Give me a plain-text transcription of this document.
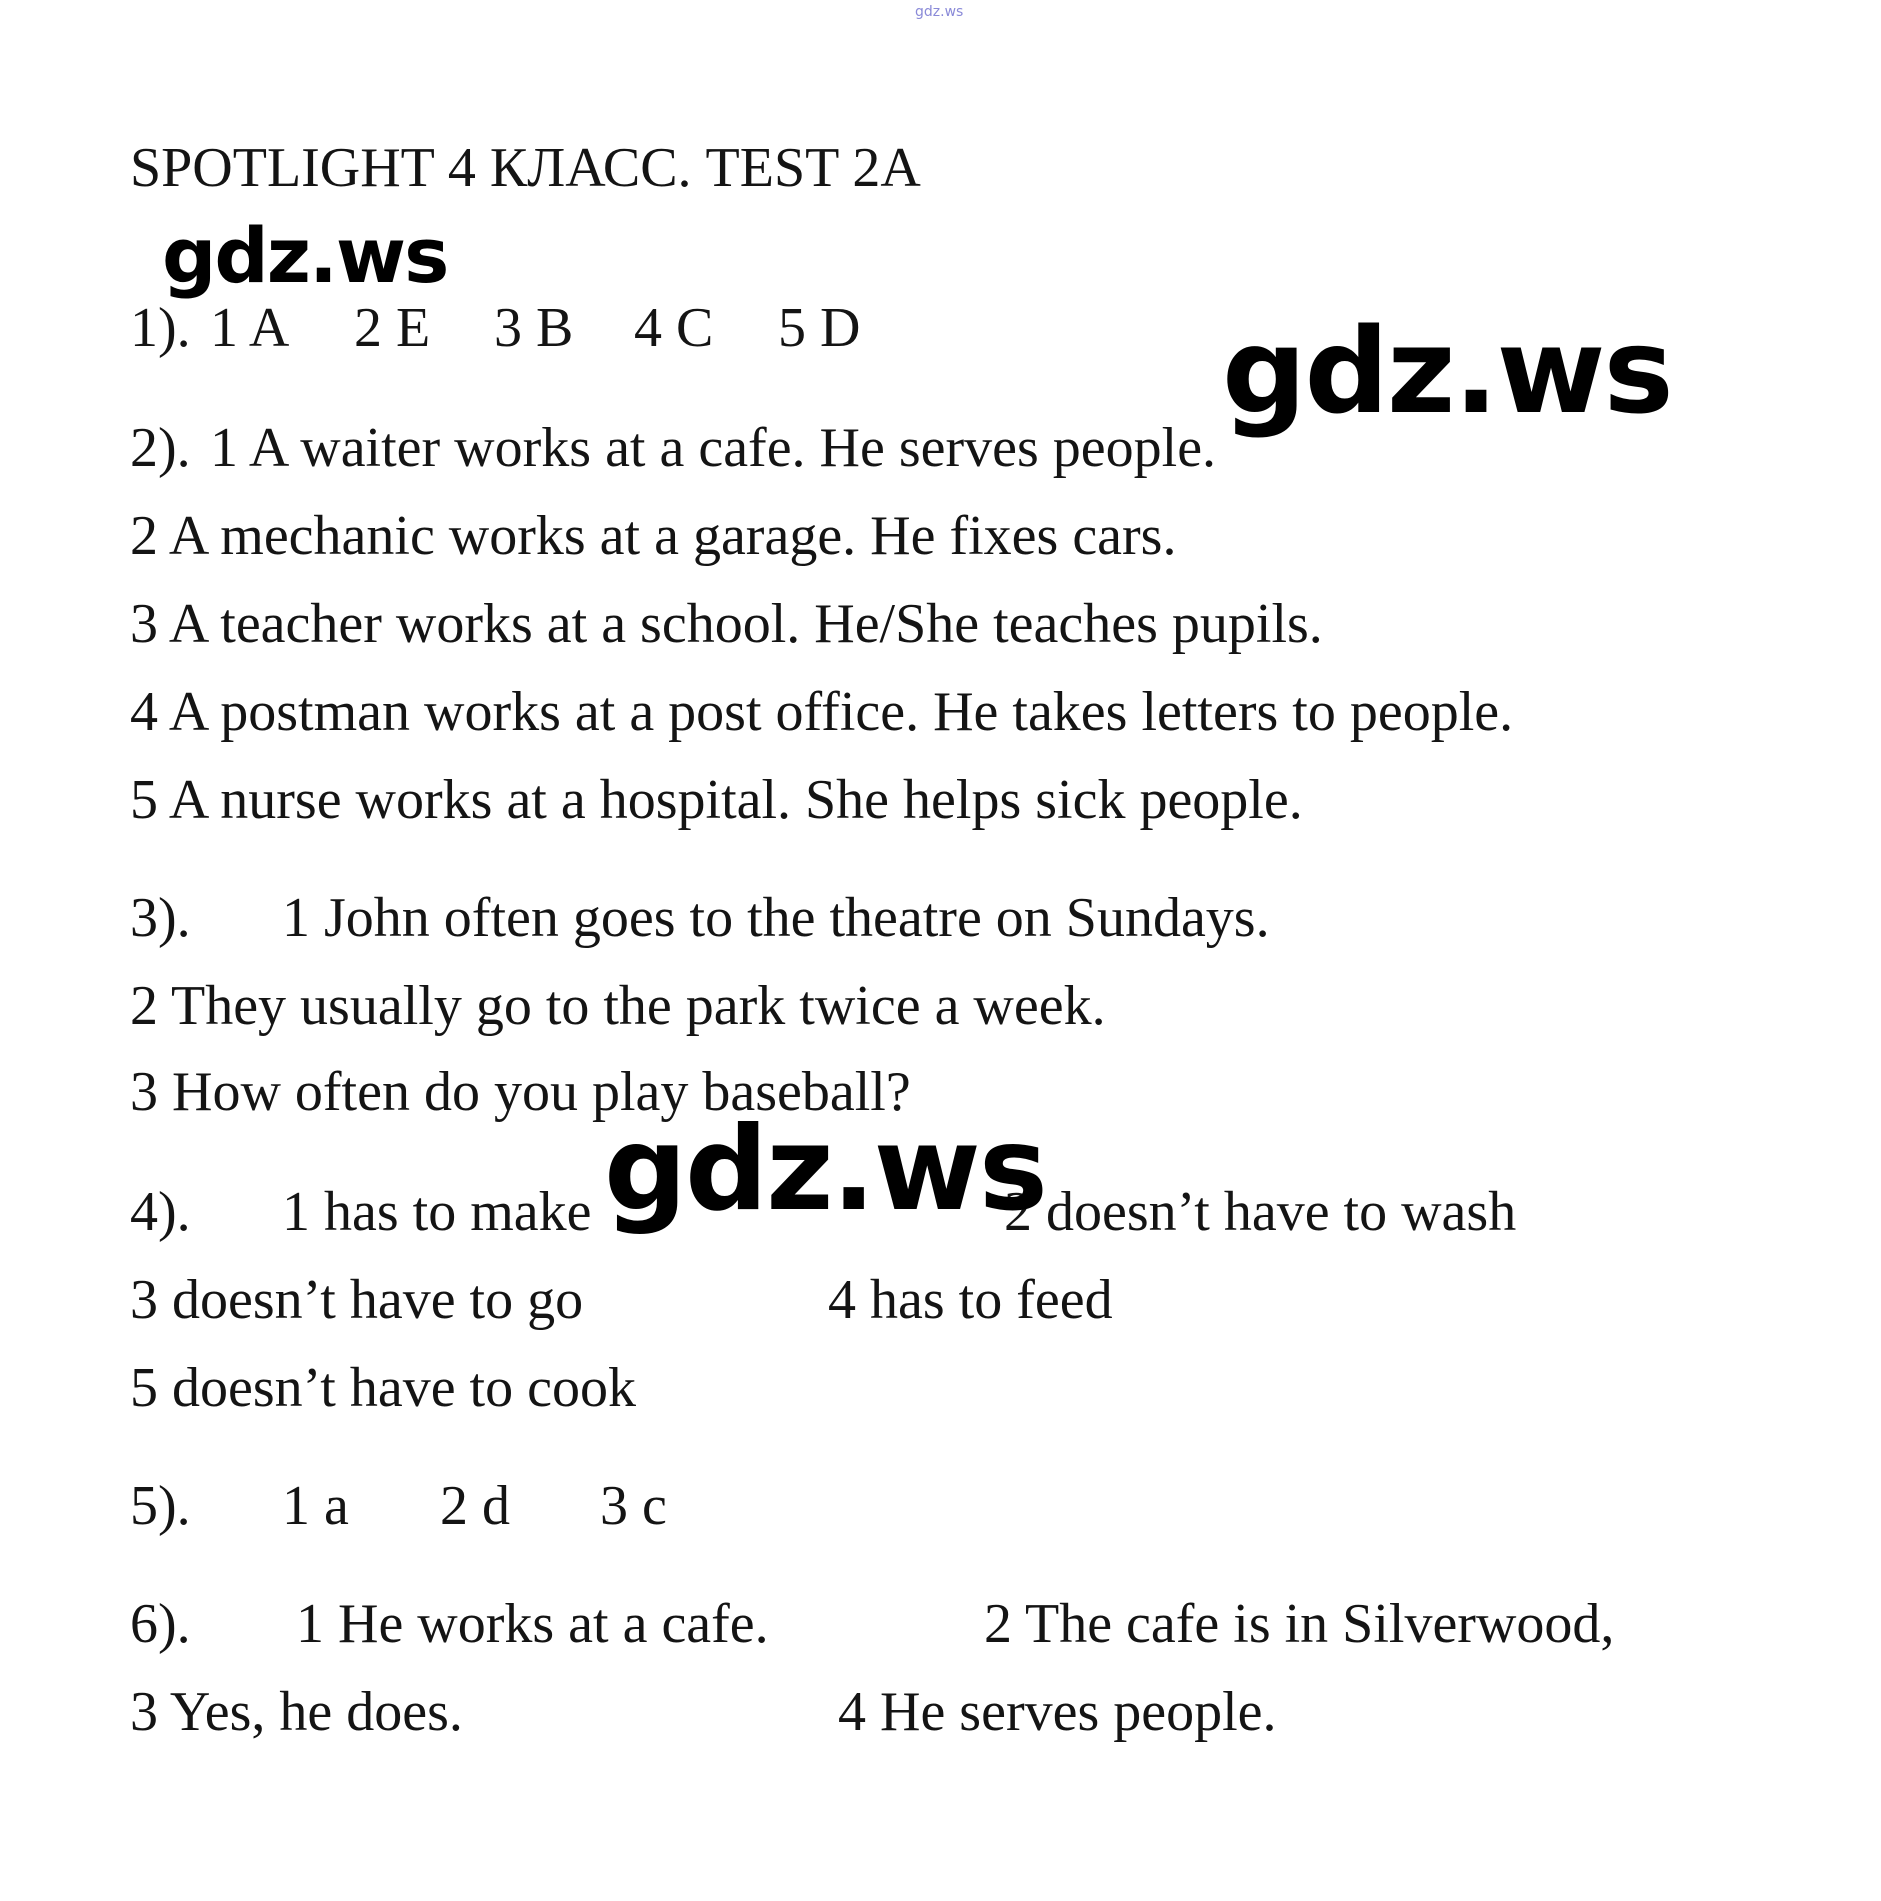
gdz.ws
SPOTLIGHT 4 КЛАСС. TEST 2A
1). 1 A 2 E 3 B 4 C 5 D
2). 1 A waiter works at a cafe. He serves people.
2 A mechanic works at a garage. He fixes cars.
3 A teacher works at a school. He/She teaches pupils.
4 A postman works at a post office. He takes letters to people.
5 A nurse works at a hospital. She helps sick people.
3). 1 John often goes to the theatre on Sundays.
2 They usually go to the park twice a week.
3 How often do you play baseball?
4). 1 has to make	2 doesn’t have to wash
3 doesn’t have to go	4 has to feed
5 doesn’t have to cook
5). 1 a 2 d 3 c
6). 1 He works at a cafe.	2 The cafe is in Silverwood,
3 Yes, he does.	4 He serves people.
gdz.ws
gdz.ws
gdz.ws
